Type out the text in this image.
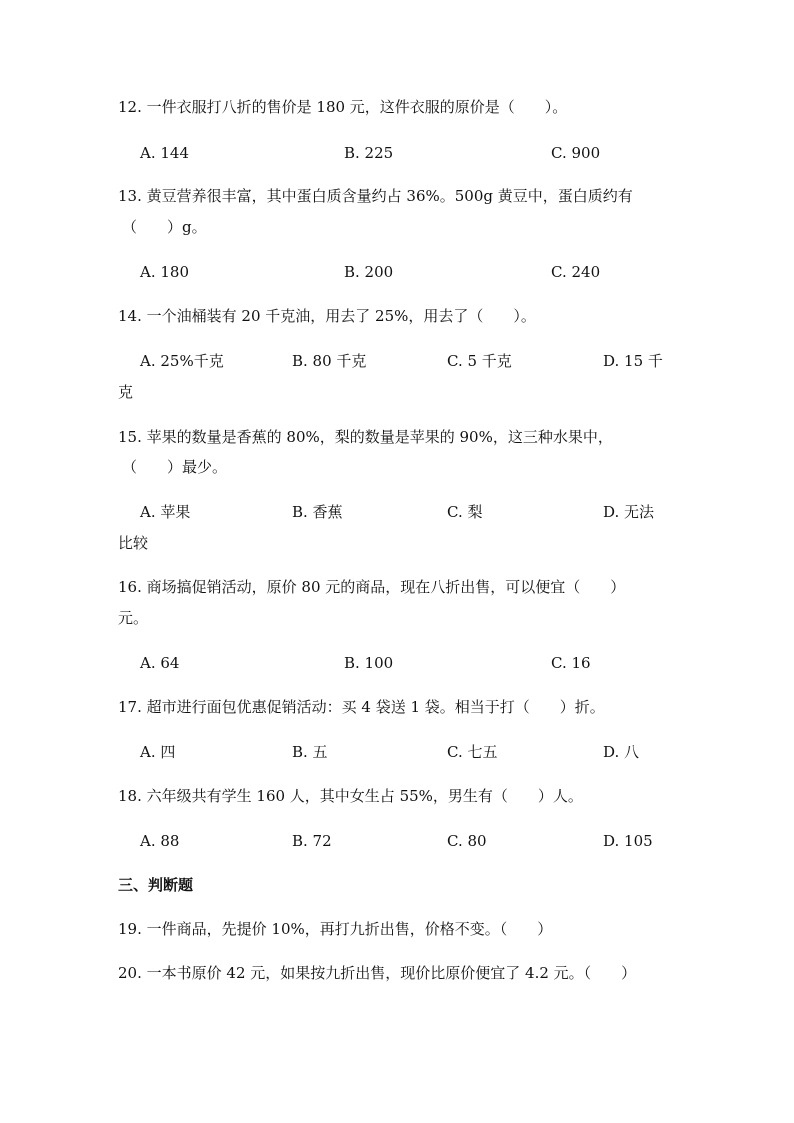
12. 一件衣服打八折的售价是 180 元，这件衣服的原价是（　　）。
A. 144	B. 225	C. 900
13. 黄豆营养很丰富，其中蛋白质含量约占 36%。500g 黄豆中，蛋白质约有
（　　）g。
A. 180	B. 200	C. 240
14. 一个油桶装有 20 千克油，用去了 25%，用去了（　　）。
A. 25%千克	B. 80 千克	C. 5 千克	D. 15 千
克
15. 苹果的数量是香蕉的 80%，梨的数量是苹果的 90%，这三种水果中，
（　　）最少。
A. 苹果	B. 香蕉	C. 梨	D. 无法
比较
16. 商场搞促销活动，原价 80 元的商品，现在八折出售，可以便宜（　　）
元。
A. 64	B. 100	C. 16
17. 超市进行面包优惠促销活动：买 4 袋送 1 袋。相当于打（　　）折。
A. 四	B. 五	C. 七五	D. 八
18. 六年级共有学生 160 人，其中女生占 55%，男生有（　　）人。
A. 88	B. 72	C. 80	D. 105
三、判断题
19. 一件商品，先提价 10%，再打九折出售，价格不变。（　　）
20. 一本书原价 42 元，如果按九折出售，现价比原价便宜了 4.2 元。（　　）
